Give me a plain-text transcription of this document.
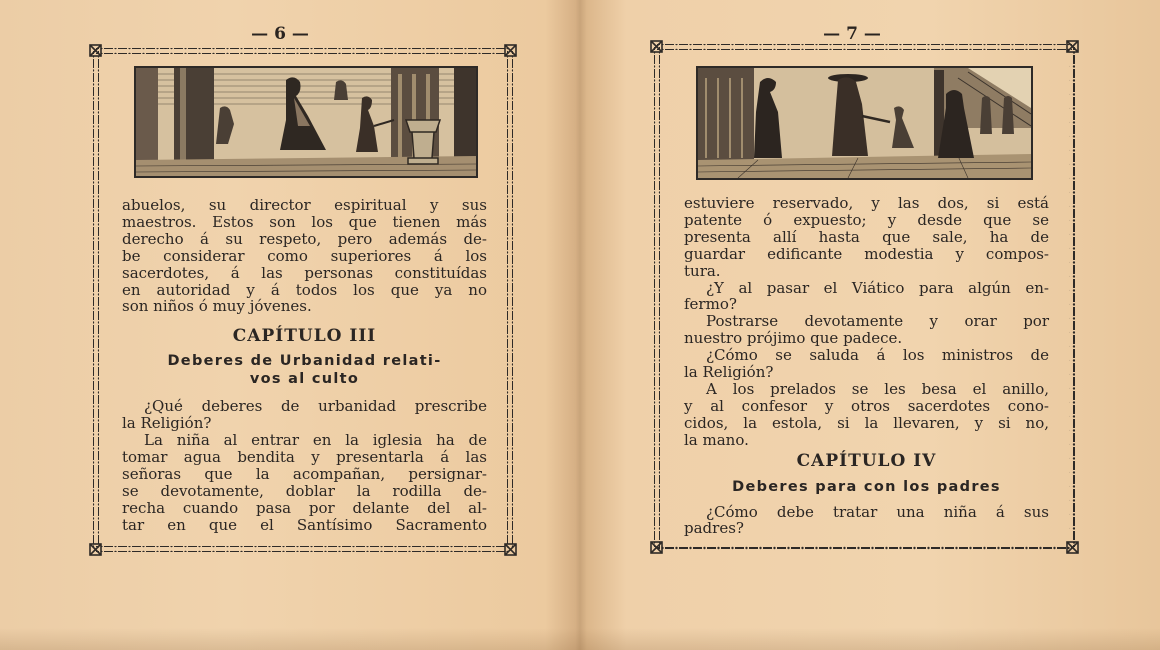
— 6 —

abuelos, su director espiritual y sus
maestros. Estos son los que tienen más
derecho á su respeto, pero además de-
be considerar como superiores á los
sacerdotes, á las personas constituídas
en autoridad y á todos los que ya no
son niños ó muy jóvenes.

CAPÍTULO III

Deberes de Urbanidad relati-
vos al culto

¿Qué deberes de urbanidad prescribe
la Religión?

La niña al entrar en la iglesia ha de
tomar agua bendita y presentarla á las
señoras que la acompañan, persignar-
se devotamente, doblar la rodilla de-
recha cuando pasa por delante del al-
tar en que el Santísimo Sacramento

— 7 —

estuviere reservado, y las dos, si está
patente ó expuesto; y desde que se
presenta allí hasta que sale, ha de
guardar edificante modestia y compos-
tura.

¿Y al pasar el Viático para algún en-
fermo?

Postrarse devotamente y orar por
nuestro prójimo que padece.

¿Cómo se saluda á los ministros de
la Religión?

A los prelados se les besa el anillo,
y al confesor y otros sacerdotes cono-
cidos, la estola, si la llevaren, y si no,
la mano.

CAPÍTULO IV

Deberes para con los padres

¿Cómo debe tratar una niña á sus
padres?
